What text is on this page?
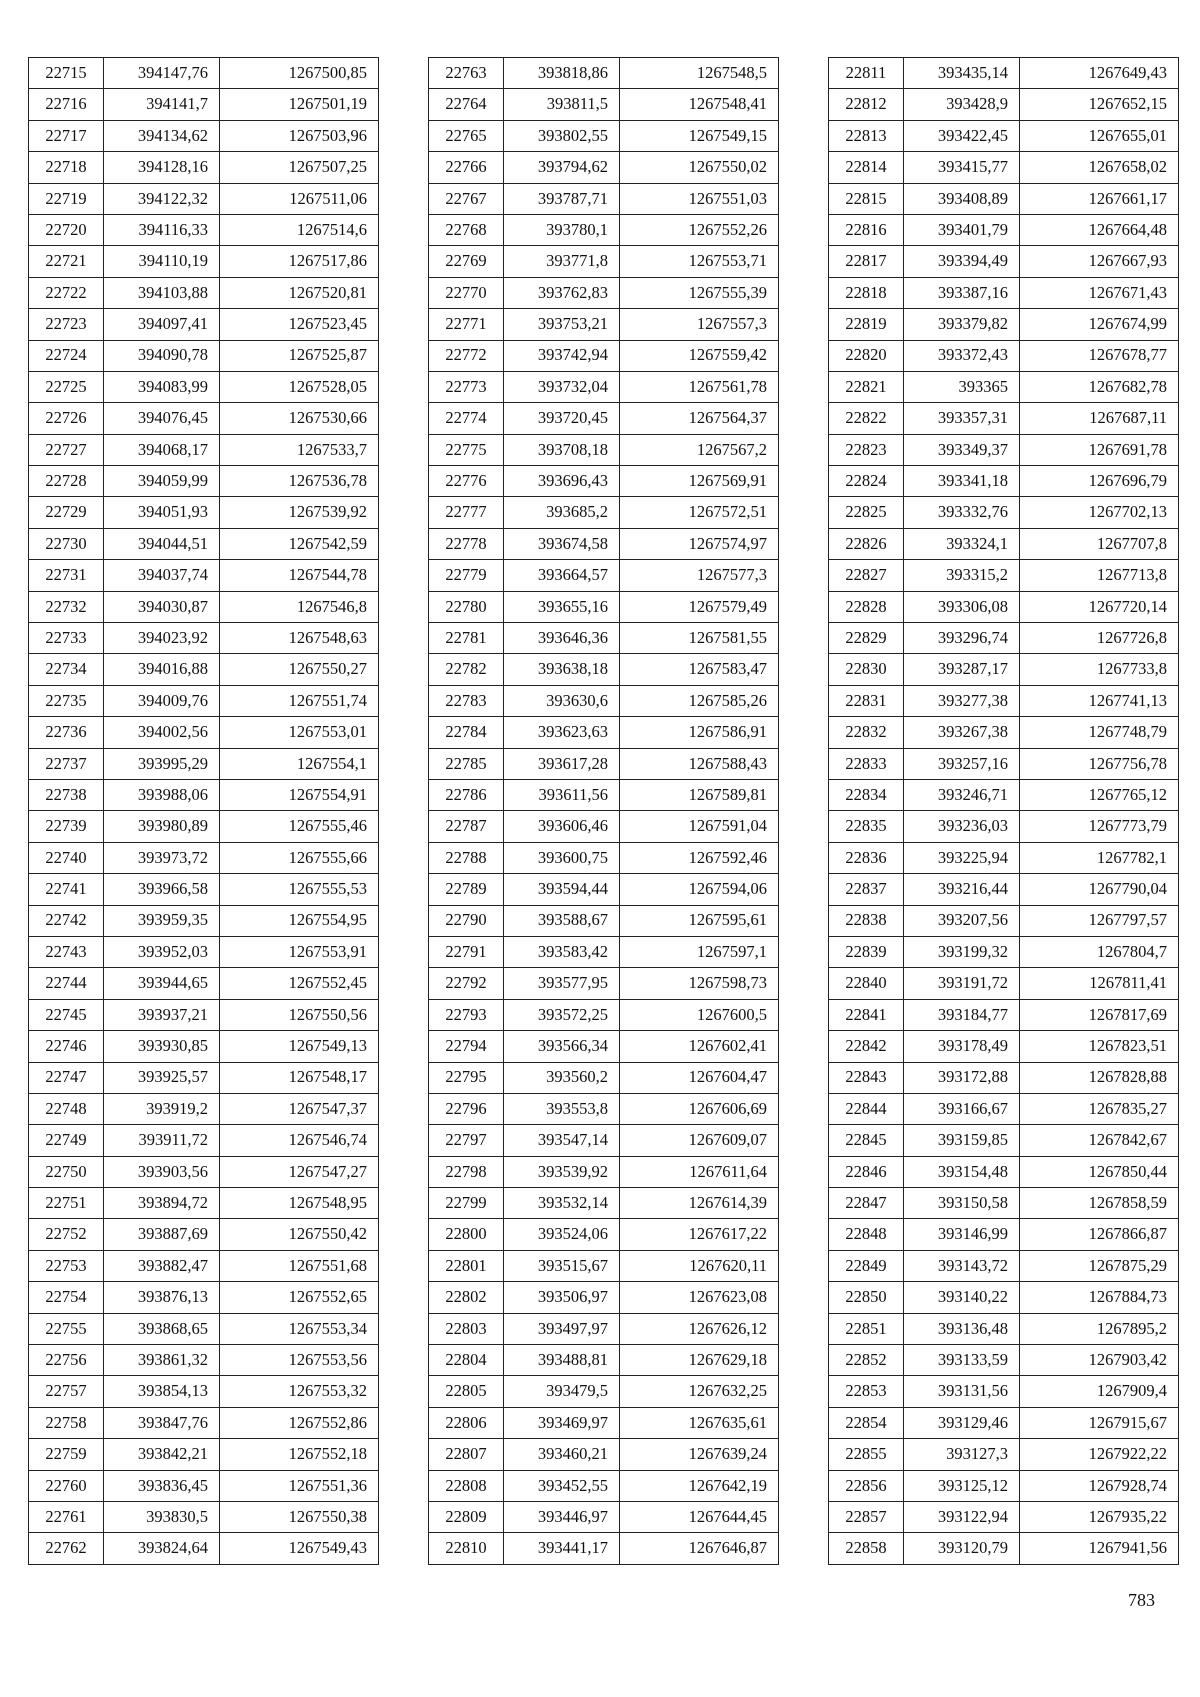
22715	394147,76	1267500,85
22716	394141,7	1267501,19
22717	394134,62	1267503,96
22718	394128,16	1267507,25
22719	394122,32	1267511,06
22720	394116,33	1267514,6
22721	394110,19	1267517,86
22722	394103,88	1267520,81
22723	394097,41	1267523,45
22724	394090,78	1267525,87
22725	394083,99	1267528,05
22726	394076,45	1267530,66
22727	394068,17	1267533,7
22728	394059,99	1267536,78
22729	394051,93	1267539,92
22730	394044,51	1267542,59
22731	394037,74	1267544,78
22732	394030,87	1267546,8
22733	394023,92	1267548,63
22734	394016,88	1267550,27
22735	394009,76	1267551,74
22736	394002,56	1267553,01
22737	393995,29	1267554,1
22738	393988,06	1267554,91
22739	393980,89	1267555,46
22740	393973,72	1267555,66
22741	393966,58	1267555,53
22742	393959,35	1267554,95
22743	393952,03	1267553,91
22744	393944,65	1267552,45
22745	393937,21	1267550,56
22746	393930,85	1267549,13
22747	393925,57	1267548,17
22748	393919,2	1267547,37
22749	393911,72	1267546,74
22750	393903,56	1267547,27
22751	393894,72	1267548,95
22752	393887,69	1267550,42
22753	393882,47	1267551,68
22754	393876,13	1267552,65
22755	393868,65	1267553,34
22756	393861,32	1267553,56
22757	393854,13	1267553,32
22758	393847,76	1267552,86
22759	393842,21	1267552,18
22760	393836,45	1267551,36
22761	393830,5	1267550,38
22762	393824,64	1267549,43
22763	393818,86	1267548,5
22764	393811,5	1267548,41
22765	393802,55	1267549,15
22766	393794,62	1267550,02
22767	393787,71	1267551,03
22768	393780,1	1267552,26
22769	393771,8	1267553,71
22770	393762,83	1267555,39
22771	393753,21	1267557,3
22772	393742,94	1267559,42
22773	393732,04	1267561,78
22774	393720,45	1267564,37
22775	393708,18	1267567,2
22776	393696,43	1267569,91
22777	393685,2	1267572,51
22778	393674,58	1267574,97
22779	393664,57	1267577,3
22780	393655,16	1267579,49
22781	393646,36	1267581,55
22782	393638,18	1267583,47
22783	393630,6	1267585,26
22784	393623,63	1267586,91
22785	393617,28	1267588,43
22786	393611,56	1267589,81
22787	393606,46	1267591,04
22788	393600,75	1267592,46
22789	393594,44	1267594,06
22790	393588,67	1267595,61
22791	393583,42	1267597,1
22792	393577,95	1267598,73
22793	393572,25	1267600,5
22794	393566,34	1267602,41
22795	393560,2	1267604,47
22796	393553,8	1267606,69
22797	393547,14	1267609,07
22798	393539,92	1267611,64
22799	393532,14	1267614,39
22800	393524,06	1267617,22
22801	393515,67	1267620,11
22802	393506,97	1267623,08
22803	393497,97	1267626,12
22804	393488,81	1267629,18
22805	393479,5	1267632,25
22806	393469,97	1267635,61
22807	393460,21	1267639,24
22808	393452,55	1267642,19
22809	393446,97	1267644,45
22810	393441,17	1267646,87
22811	393435,14	1267649,43
22812	393428,9	1267652,15
22813	393422,45	1267655,01
22814	393415,77	1267658,02
22815	393408,89	1267661,17
22816	393401,79	1267664,48
22817	393394,49	1267667,93
22818	393387,16	1267671,43
22819	393379,82	1267674,99
22820	393372,43	1267678,77
22821	393365	1267682,78
22822	393357,31	1267687,11
22823	393349,37	1267691,78
22824	393341,18	1267696,79
22825	393332,76	1267702,13
22826	393324,1	1267707,8
22827	393315,2	1267713,8
22828	393306,08	1267720,14
22829	393296,74	1267726,8
22830	393287,17	1267733,8
22831	393277,38	1267741,13
22832	393267,38	1267748,79
22833	393257,16	1267756,78
22834	393246,71	1267765,12
22835	393236,03	1267773,79
22836	393225,94	1267782,1
22837	393216,44	1267790,04
22838	393207,56	1267797,57
22839	393199,32	1267804,7
22840	393191,72	1267811,41
22841	393184,77	1267817,69
22842	393178,49	1267823,51
22843	393172,88	1267828,88
22844	393166,67	1267835,27
22845	393159,85	1267842,67
22846	393154,48	1267850,44
22847	393150,58	1267858,59
22848	393146,99	1267866,87
22849	393143,72	1267875,29
22850	393140,22	1267884,73
22851	393136,48	1267895,2
22852	393133,59	1267903,42
22853	393131,56	1267909,4
22854	393129,46	1267915,67
22855	393127,3	1267922,22
22856	393125,12	1267928,74
22857	393122,94	1267935,22
22858	393120,79	1267941,56
783
